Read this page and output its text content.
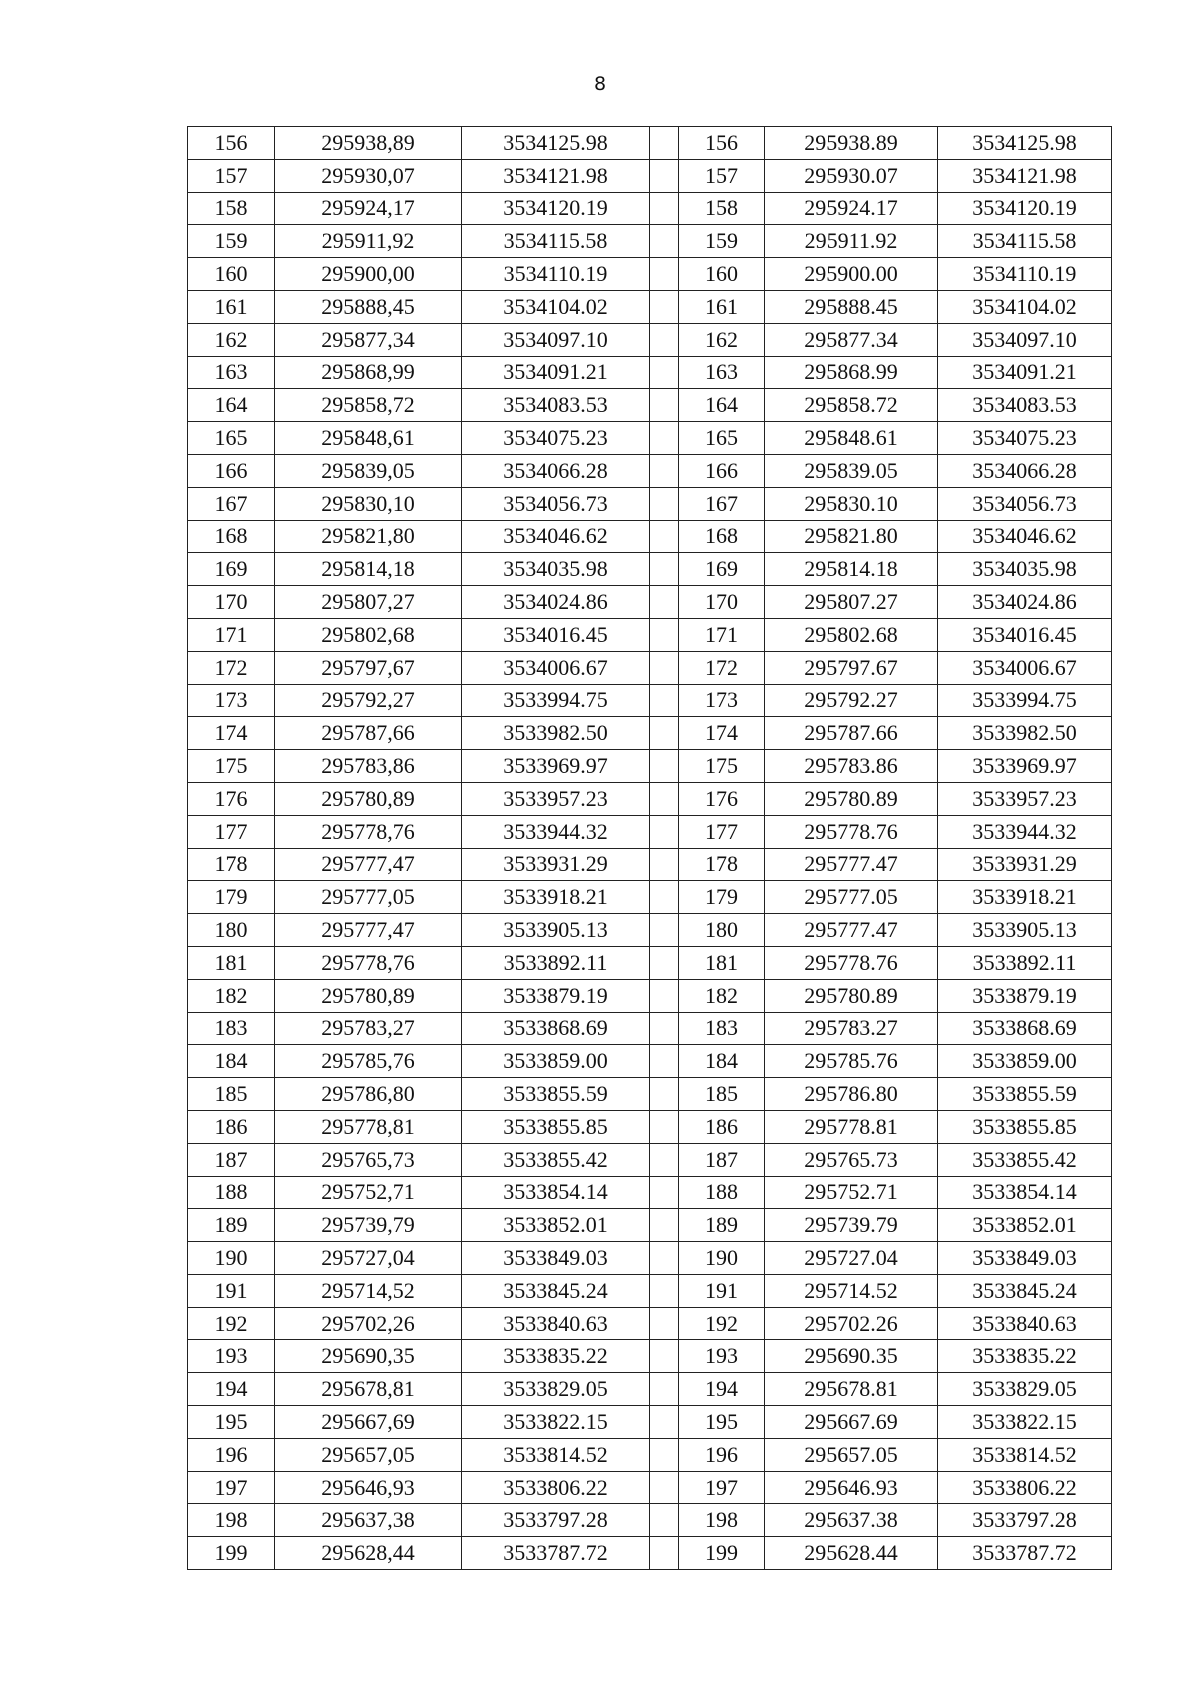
8
156	295938,89	3534125.98		156	295938.89	3534125.98
157	295930,07	3534121.98		157	295930.07	3534121.98
158	295924,17	3534120.19		158	295924.17	3534120.19
159	295911,92	3534115.58		159	295911.92	3534115.58
160	295900,00	3534110.19		160	295900.00	3534110.19
161	295888,45	3534104.02		161	295888.45	3534104.02
162	295877,34	3534097.10		162	295877.34	3534097.10
163	295868,99	3534091.21		163	295868.99	3534091.21
164	295858,72	3534083.53		164	295858.72	3534083.53
165	295848,61	3534075.23		165	295848.61	3534075.23
166	295839,05	3534066.28		166	295839.05	3534066.28
167	295830,10	3534056.73		167	295830.10	3534056.73
168	295821,80	3534046.62		168	295821.80	3534046.62
169	295814,18	3534035.98		169	295814.18	3534035.98
170	295807,27	3534024.86		170	295807.27	3534024.86
171	295802,68	3534016.45		171	295802.68	3534016.45
172	295797,67	3534006.67		172	295797.67	3534006.67
173	295792,27	3533994.75		173	295792.27	3533994.75
174	295787,66	3533982.50		174	295787.66	3533982.50
175	295783,86	3533969.97		175	295783.86	3533969.97
176	295780,89	3533957.23		176	295780.89	3533957.23
177	295778,76	3533944.32		177	295778.76	3533944.32
178	295777,47	3533931.29		178	295777.47	3533931.29
179	295777,05	3533918.21		179	295777.05	3533918.21
180	295777,47	3533905.13		180	295777.47	3533905.13
181	295778,76	3533892.11		181	295778.76	3533892.11
182	295780,89	3533879.19		182	295780.89	3533879.19
183	295783,27	3533868.69		183	295783.27	3533868.69
184	295785,76	3533859.00		184	295785.76	3533859.00
185	295786,80	3533855.59		185	295786.80	3533855.59
186	295778,81	3533855.85		186	295778.81	3533855.85
187	295765,73	3533855.42		187	295765.73	3533855.42
188	295752,71	3533854.14		188	295752.71	3533854.14
189	295739,79	3533852.01		189	295739.79	3533852.01
190	295727,04	3533849.03		190	295727.04	3533849.03
191	295714,52	3533845.24		191	295714.52	3533845.24
192	295702,26	3533840.63		192	295702.26	3533840.63
193	295690,35	3533835.22		193	295690.35	3533835.22
194	295678,81	3533829.05		194	295678.81	3533829.05
195	295667,69	3533822.15		195	295667.69	3533822.15
196	295657,05	3533814.52		196	295657.05	3533814.52
197	295646,93	3533806.22		197	295646.93	3533806.22
198	295637,38	3533797.28		198	295637.38	3533797.28
199	295628,44	3533787.72		199	295628.44	3533787.72
